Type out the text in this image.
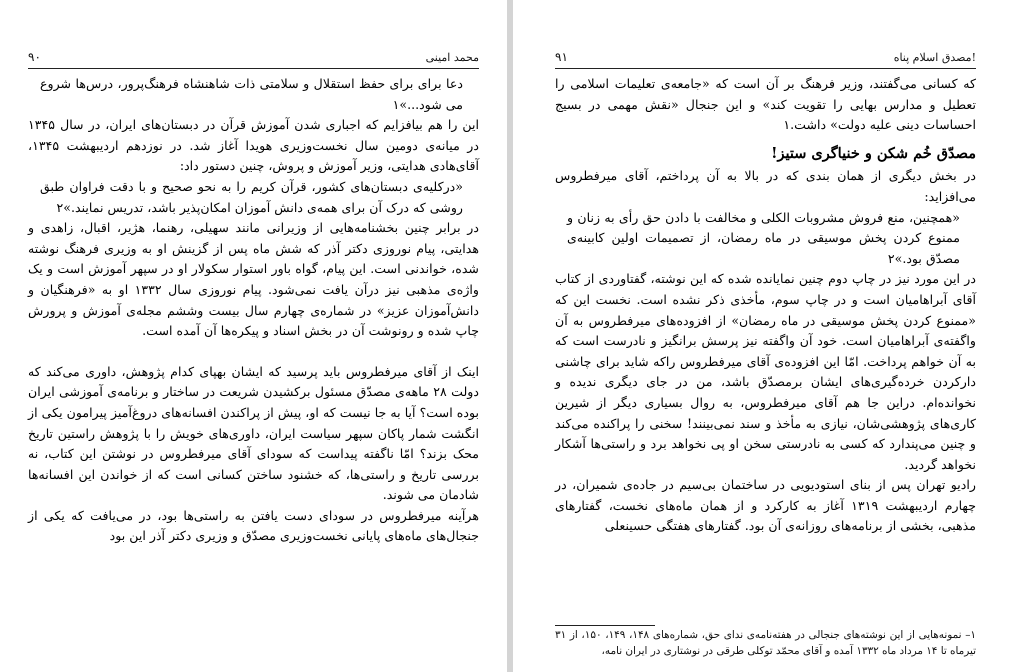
محمد امینی
۹۰

دعا برای برای حفظ استقلال و سلامتی ذات شاهنشاه فرهنگ‌پرور، درس‌ها شروع می شود...»۱

این را هم بیافزایم که اجباری شدن آموزش قرآن در دبستان‌های ایران، در سال ۱۳۴۵ در میانه‌ی دومین سال نخست‌وزیری هویدا آغاز شد. در نوزدهم اردیبهشت ۱۳۴۵، آقای‌هادی هدایتی، وزیر آموزش و پروش، چنین دستور داد:

«درکلیه‌ی دبستان‌های کشور، قرآن کریم را به نحو صحیح و با دقت فراوان طبق روشی که درک آن برای همه‌ی دانش آموزان امکان‌پذیر باشد، تدریس نمایند.»۲

در برابر چنین بخشنامه‌هایی از وزیرانی مانند سهیلی، رهنما، هژیر، اقبال، زاهدی و هدایتی، پیام نوروزی دکتر آذر که شش ماه پس از گزینش او به وزیری فرهنگ نوشته شده، خواندنی است. این پیام، گواه باور استوار سکولار او در سپهر آموزش است و یک واژه‌ی مذهبی نیز درآن یافت نمی‌شود. پیام نوروزی سال ۱۳۳۲ او به «فرهنگیان و دانش‌آموزان عزیز» در شماره‌ی چهارم سال بیست وششم مجله‌ی آموزش و پرورش چاپ شده و رونوشت آن در بخش اسناد و پیکره‌ها آن آمده است.

اینک از آقای میرفطروس باید پرسید که ایشان بهپای کدام پژوهش، داوری می‌کند که دولت ۲۸ ماهه‌ی مصدّق مسئول برکشیدن شریعت در ساختار و برنامه‌ی آموزشی ایران بوده است؟ آیا به جا نیست که او، پیش از پراکندن افسانه‌های دروغ‌آمیز پیرامون یکی از انگشت شمار پاکان سپهر سیاست ایران، داوری‌های خویش را با پژوهش راستین تاریخ محک بزند؟ امّا ناگفته پیداست که سودای آقای میرفطروس در نوشتن این کتاب، نه بررسی تاریخ و راستی‌ها، که خشنود ساختن کسانی است که از خواندن این افسانه‌ها شادمان می شوند.

هرآینه میرفطروس در سودای دست یافتن به راستی‌ها بود، در می‌یافت که یکی از جنجال‌های ماه‌های پایانی نخست‌وزیری مصدّق و وزیری دکتر آذر این بود

مصدق اسلام پناه!
۹۱

که کسانی می‌گفتند، وزیر فرهنگ بر آن است که «جامعه‌ی تعلیمات اسلامی را تعطیل و مدارس بهایی را تقویت کند» و این جنجال «نقش مهمی در بسیج احساسات دینی علیه دولت» داشت.۱

مصدّق خُم شکن و خنیاگری ستیز!

در بخش دیگری از همان بندی که در بالا به آن پرداختم، آقای میرفطروس می‌افزاید:

«همچنین، منع فروش مشروبات الکلی و مخالفت با دادن حق رأی به زنان و ممنوع کردن پخش موسیقی در ماه رمضان، از تصمیمات اولین کابینه‌ی مصدّق بود.»۲

در این مورد نیز در چاپ دوم چنین نمایانده شده که این نوشته، گفتاوردی از کتاب آقای آبراهامیان است و در چاپ سوم، مأخذی ذکر نشده است. نخست این که «ممنوع کردن پخش موسیقی در ماه رمضان» از افزوده‌های میرفطروس به آن واگفته‌ی آبراهامیان است. خود آن واگفته نیز پرسش برانگیز و نادرست است که به آن خواهم پرداخت. امّا این افزوده‌ی آقای میرفطروس راکه شاید برای چاشنی دارکردن خرده‌گیری‌های ایشان برمصدّق باشد، من در جای دیگری ندیده و نخوانده‌ام. دراین جا هم آقای میرفطروس، به روال بسیاری دیگر از شیرین کاری‌های پژوهشی‌شان، نیازی به مأخذ و سند نمی‌بینند! سخنی را پراکنده می‌کند و چنین می‌پندارد که کسی به نادرستی سخن او پی نخواهد برد و راستی‌ها آشکار نخواهد گردید.

رادیو تهران پس از بنای استودیویی در ساختمان بی‌سیم در جاده‌ی شمیران، در چهارم اردیبهشت ۱۳۱۹ آغاز به کارکرد و از همان ماه‌های نخست، گفتارهای مذهبی، بخشی از برنامه‌های روزانه‌ی آن بود. گفتارهای هفتگی حسینعلی

۱– نمونه‌هایی از این نوشته‌های جنجالی در هفته‌نامه‌ی ندای حق، شماره‌های ۱۴۸، ۱۴۹، ۱۵۰، از ۳۱ تیرماه تا ۱۴ مرداد ماه ۱۳۳۲ آمده و آقای محمّد توکلی طرقی در نوشتاری در ایران نامه،
